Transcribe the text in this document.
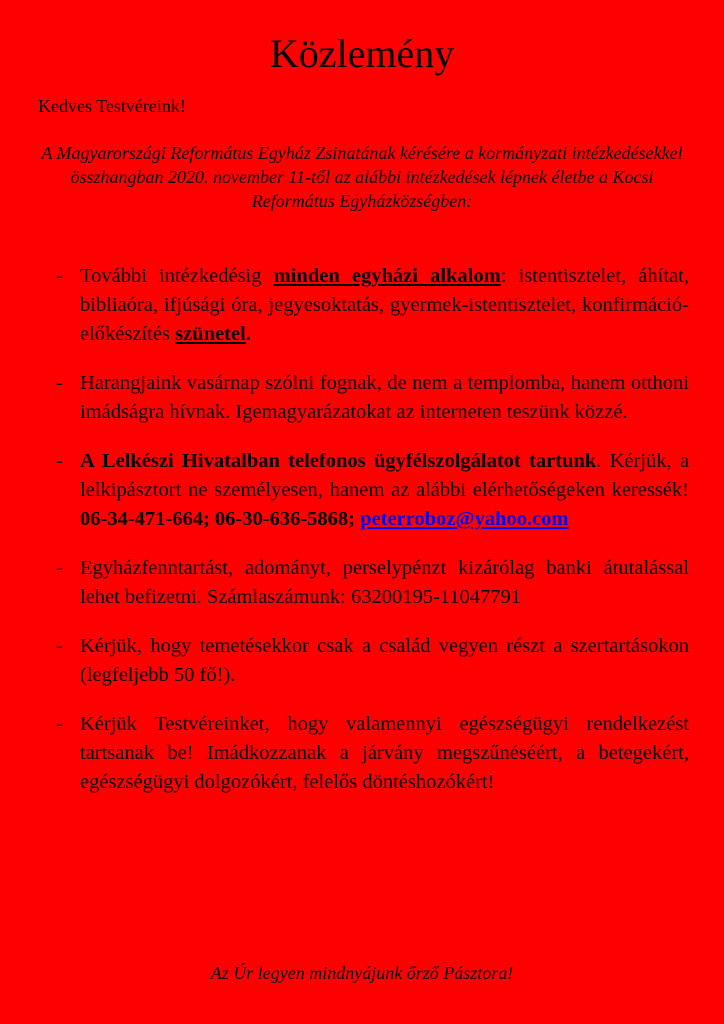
Közlemény
Kedves Testvéreink!
A Magyarországi Református Egyház Zsinatának kérésére a kormányzati intézkedésekkel összhangban 2020. november 11-től az alábbi intézkedések lépnek életbe a Kocsi Református Egyházközségben:
- További intézkedésig minden egyházi alkalom: istentisztelet, áhítat, bibliaóra, ifjúsági óra, jegyesoktatás, gyermek-istentisztelet, konfirmáció-előkészítés szünetel.
- Harangjaink vasárnap szólni fognak, de nem a templomba, hanem otthoni imádságra hívnak. Igemagyarázatokat az interneten teszünk közzé.
- A Lelkészi Hivatalban telefonos ügyfélszolgálatot tartunk. Kérjük, a lelkipásztort ne személyesen, hanem az alábbi elérhetőségeken keressék! 06-34-471-664; 06-30-636-5868; peterroboz@yahoo.com
- Egyházfenntartást, adományt, perselypénzt kizárólag banki átutalással lehet befizetni. Számlaszámunk: 63200195-11047791
- Kérjük, hogy temetésekkor csak a család vegyen részt a szertartásokon (legfeljebb 50 fő!).
- Kérjük Testvéreinket, hogy valamennyi egészségügyi rendelkezést tartsanak be! Imádkozzanak a járvány megszűnéséért, a betegekért, egészségügyi dolgozókért, felelős döntéshozókért!
Az Úr legyen mindnyájunk őrző Pásztora!
